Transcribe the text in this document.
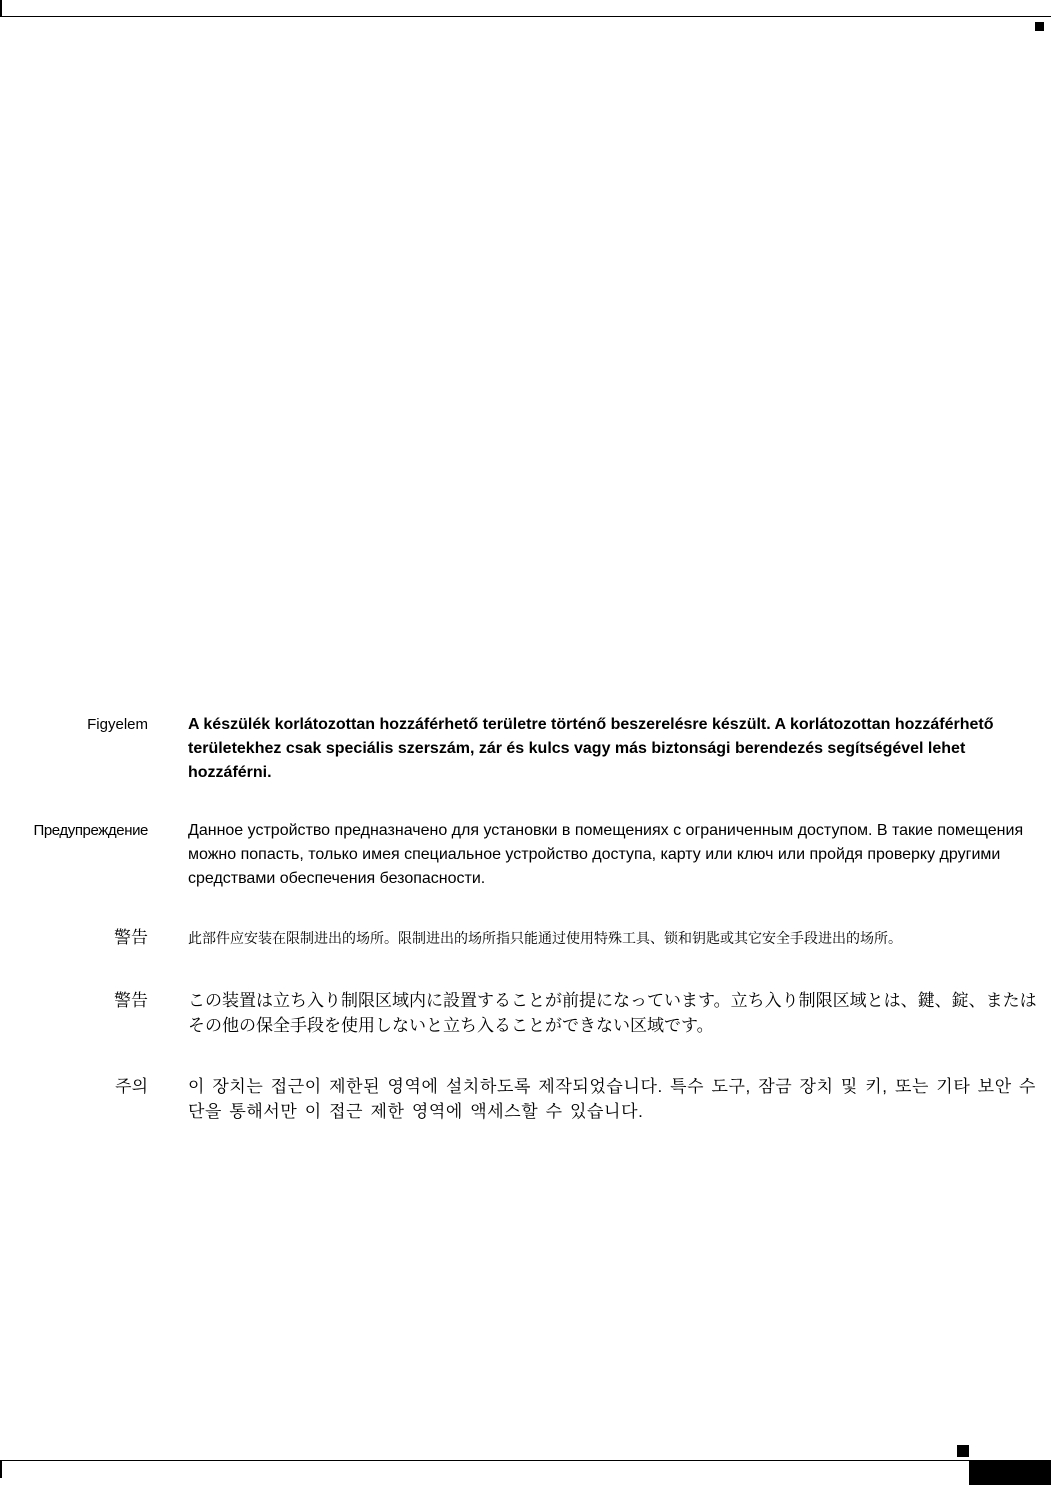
Figyelem	A készülék korlátozottan hozzáférhető területre történő beszerelésre készült. A korlátozottan hozzáférhető területekhez csak speciális szerszám, zár és kulcs vagy más biztonsági berendezés segítségével lehet hozzáférni.
Предупреждение	Данное устройство предназначено для установки в помещениях с ограниченным доступом. В такие помещения можно попасть, только имея специальное устройство доступа, карту или ключ или пройдя проверку другими средствами обеспечения безопасности.
警告	此部件应安装在限制进出的场所。限制进出的场所指只能通过使用特殊工具、锁和钥匙或其它安全手段进出的场所。
警告 この装置は立ち入り制限区域内に設置することが前提になっています。立ち入り制限区域とは、鍵、錠、またはその他の保全手段を使用しないと立ち入ることができない区域です。
주의 이 장치는 접근이 제한된 영역에 설치하도록 제작되었습니다. 특수 도구, 잠금 장치 및 키, 또는 기타 보안 수단을 통해서만 이 접근 제한 영역에 액세스할 수 있습니다.
